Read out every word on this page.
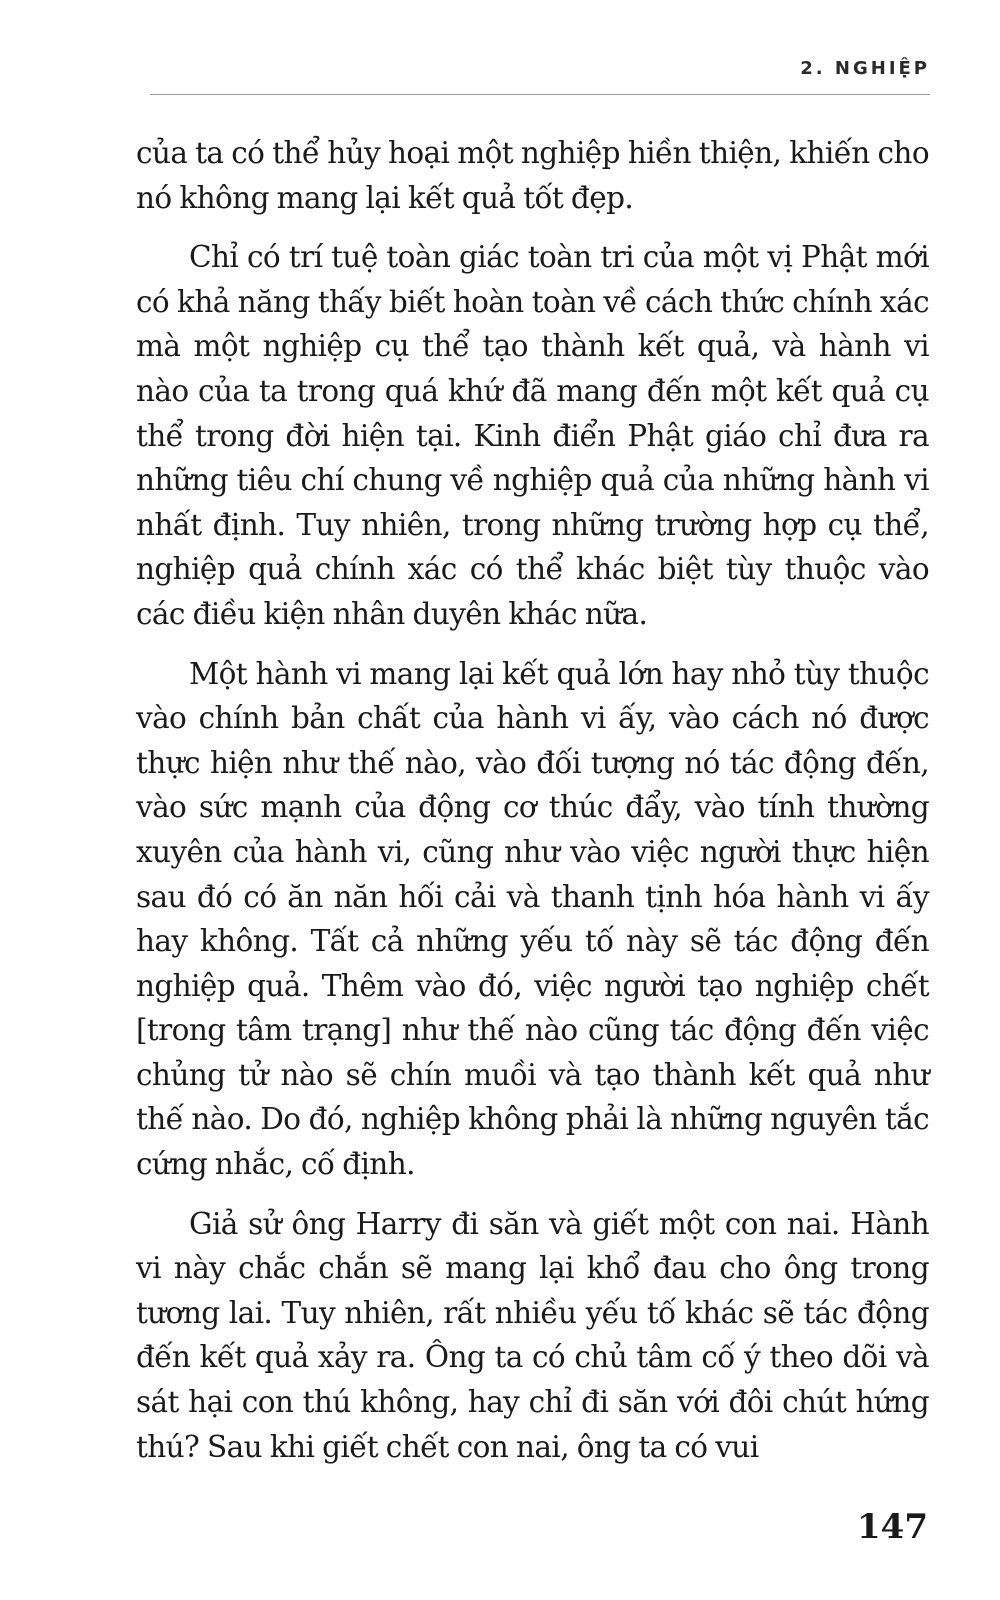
2. NGHIỆP

của ta có thể hủy hoại một nghiệp hiền thiện, khiến cho nó không mang lại kết quả tốt đẹp.

Chỉ có trí tuệ toàn giác toàn tri của một vị Phật mới có khả năng thấy biết hoàn toàn về cách thức chính xác mà một nghiệp cụ thể tạo thành kết quả, và hành vi nào của ta trong quá khứ đã mang đến một kết quả cụ thể trong đời hiện tại. Kinh điển Phật giáo chỉ đưa ra những tiêu chí chung về nghiệp quả của những hành vi nhất định. Tuy nhiên, trong những trường hợp cụ thể, nghiệp quả chính xác có thể khác biệt tùy thuộc vào các điều kiện nhân duyên khác nữa.

Một hành vi mang lại kết quả lớn hay nhỏ tùy thuộc vào chính bản chất của hành vi ấy, vào cách nó được thực hiện như thế nào, vào đối tượng nó tác động đến, vào sức mạnh của động cơ thúc đẩy, vào tính thường xuyên của hành vi, cũng như vào việc người thực hiện sau đó có ăn năn hối cải và thanh tịnh hóa hành vi ấy hay không. Tất cả những yếu tố này sẽ tác động đến nghiệp quả. Thêm vào đó, việc người tạo nghiệp chết [trong tâm trạng] như thế nào cũng tác động đến việc chủng tử nào sẽ chín muồi và tạo thành kết quả như thế nào. Do đó, nghiệp không phải là những nguyên tắc cứng nhắc, cố định.

Giả sử ông Harry đi săn và giết một con nai. Hành vi này chắc chắn sẽ mang lại khổ đau cho ông trong tương lai. Tuy nhiên, rất nhiều yếu tố khác sẽ tác động đến kết quả xảy ra. Ông ta có chủ tâm cố ý theo dõi và sát hại con thú không, hay chỉ đi săn với đôi chút hứng thú? Sau khi giết chết con nai, ông ta có vui

147
